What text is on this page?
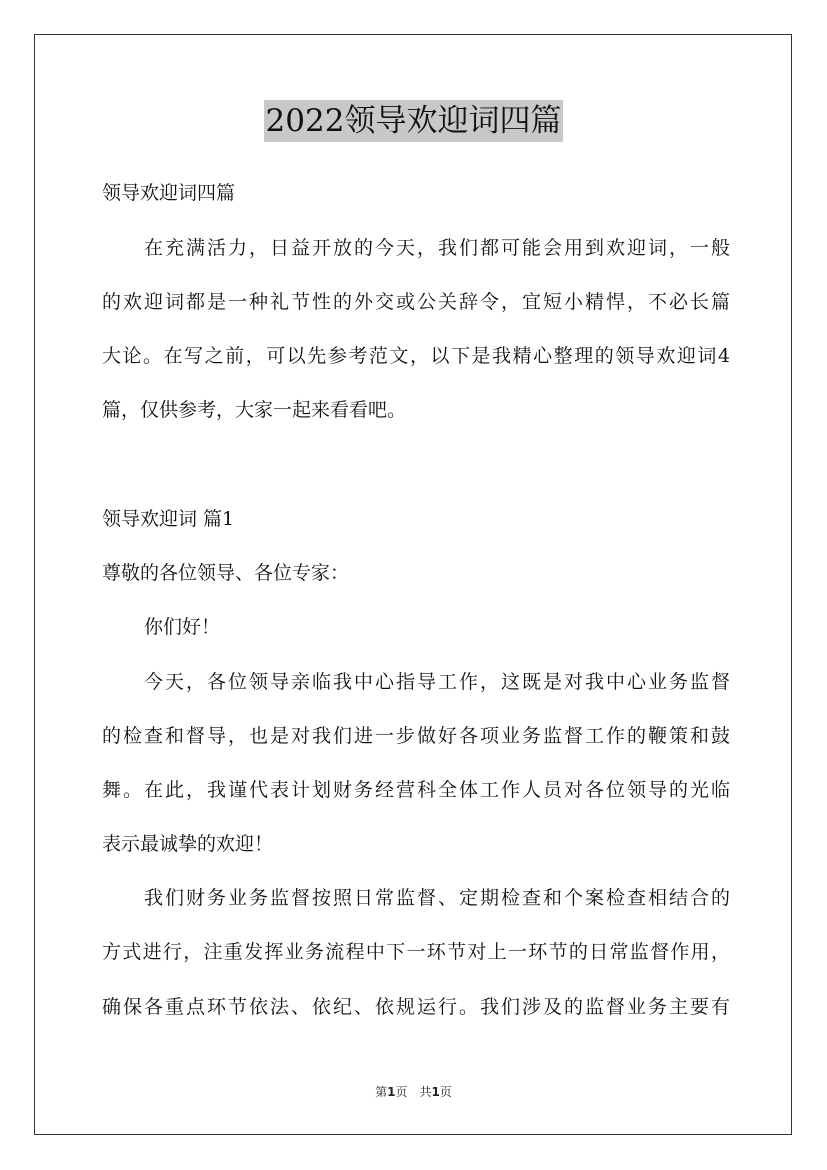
2022领导欢迎词四篇
领导欢迎词四篇
在充满活力，日益开放的今天，我们都可能会用到欢迎词，一般
的欢迎词都是一种礼节性的外交或公关辞令，宜短小精悍，不必长篇
大论。在写之前，可以先参考范文，以下是我精心整理的领导欢迎词4
篇，仅供参考，大家一起来看看吧。
领导欢迎词 篇1
尊敬的各位领导、各位专家：
你们好！
今天，各位领导亲临我中心指导工作，这既是对我中心业务监督
的检查和督导，也是对我们进一步做好各项业务监督工作的鞭策和鼓
舞。在此，我谨代表计划财务经营科全体工作人员对各位领导的光临
表示最诚挚的欢迎！
我们财务业务监督按照日常监督、定期检查和个案检查相结合的
方式进行，注重发挥业务流程中下一环节对上一环节的日常监督作用，
确保各重点环节依法、依纪、依规运行。我们涉及的监督业务主要有
第1页　共1页
